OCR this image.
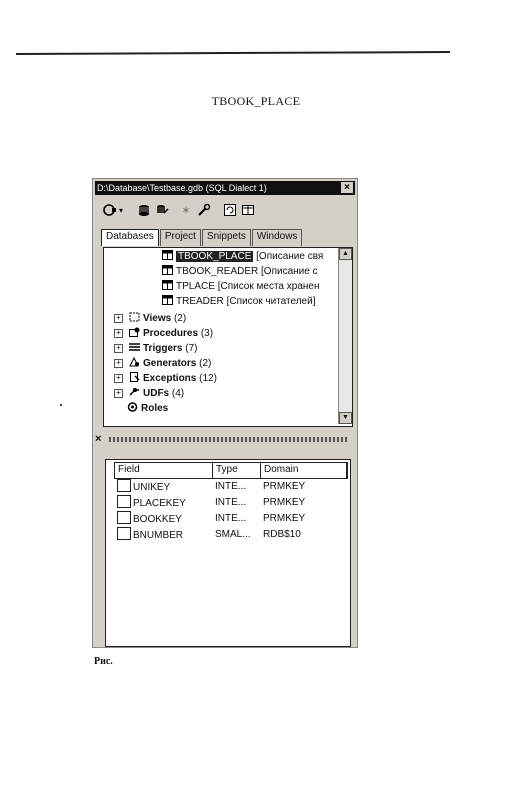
TBOOK_PLACE
D:\Database\Testbase.gdb (SQL Dialect 1)	×
▾	✶
Databases	Project	Snippets	Windows
TBOOK_PLACE [Описание свя
TBOOK_READER [Описание с
TPLACE [Список места хранен
TREADER [Список читателей]
+ Views (2)
+ Procedures (3)
+ Triggers (7)
+ Generators (2)
+ Exceptions (12)
+ UDFs (4)
Roles
▲
▼
×
Field	Type	Domain
UNIKEY	INTE...	PRMKEY
PLACEKEY	INTE...	PRMKEY
BOOKKEY	INTE...	PRMKEY
BNUMBER	SMAL...	RDB$10
Рис.
